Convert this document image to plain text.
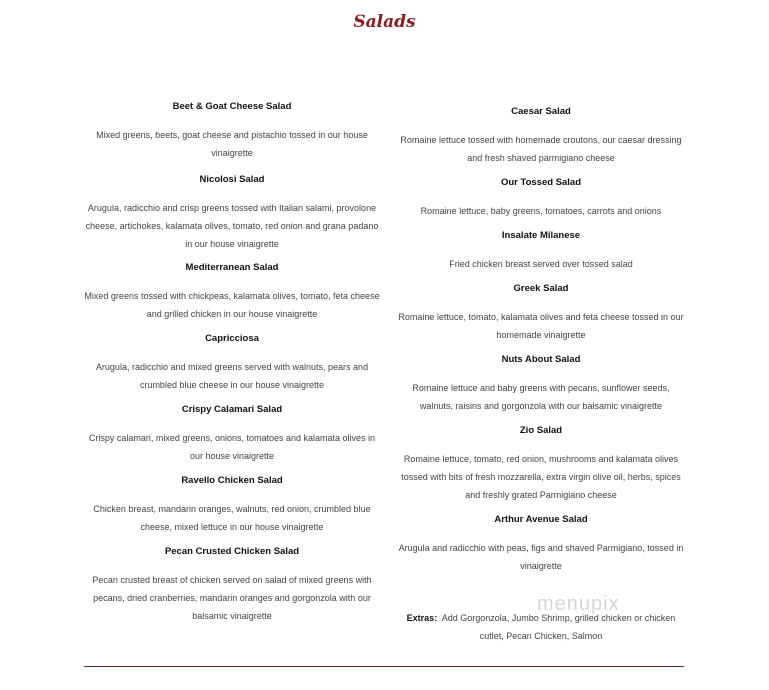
Salads
Beet & Goat Cheese Salad
Mixed greens, beets, goat cheese and pistachio tossed in our house vinaigrette
Nicolosi Salad
Arugula, radicchio and crisp greens tossed with Italian salami, provolone cheese, artichokes, kalamata olives, tomato, red onion and grana padano in our house vinaigrette
Mediterranean Salad
Mixed greens tossed with chickpeas, kalamata olives, tomato, feta cheese and grilled chicken in our house vinaigrette
Capricciosa
Arugula, radicchio and mixed greens served with walnuts, pears and crumbled blue cheese in our house vinaigrette
Crispy Calamari Salad
Crispy calamari, mixed greens, onions, tomatoes and kalamata olives in our house vinaigrette
Ravello Chicken Salad
Chicken breast, mandarin oranges, walnuts, red onion, crumbled blue cheese, mixed lettuce in our house vinaigrette
Pecan Crusted Chicken Salad
Pecan crusted breast of chicken served on salad of mixed greens with pecans, dried cranberries, mandarin oranges and gorgonzola with our balsamic vinaigrette
Caesar Salad
Romaine lettuce tossed with homemade croutons, our caesar dressing and fresh shaved parmigiano cheese
Our Tossed Salad
Romaine lettuce, baby greens, tomatoes, carrots and onions
Insalate Milanese
Fried chicken breast served over tossed salad
Greek Salad
Romaine lettuce, tomato, kalamata olives and feta cheese tossed in our homemade vinaigrette
Nuts About Salad
Romaine lettuce and baby greens with pecans, sunflower seeds, walnuts, raisins and gorgonzola with our balsamic vinaigrette
Zio Salad
Romaine lettuce, tomato, red onion, mushrooms and kalamata olives tossed with bits of fresh mozzarella, extra virgin olive oil, herbs, spices and freshly grated Parmigiano cheese
Arthur Avenue Salad
Arugula and radicchio with peas, figs and shaved Parmigiano, tossed in vinaigrette
menupix
Extras: Add Gorgonzola, Jumbo Shrimp, grilled chicken or chicken cutlet, Pecan Chicken, Salmon
